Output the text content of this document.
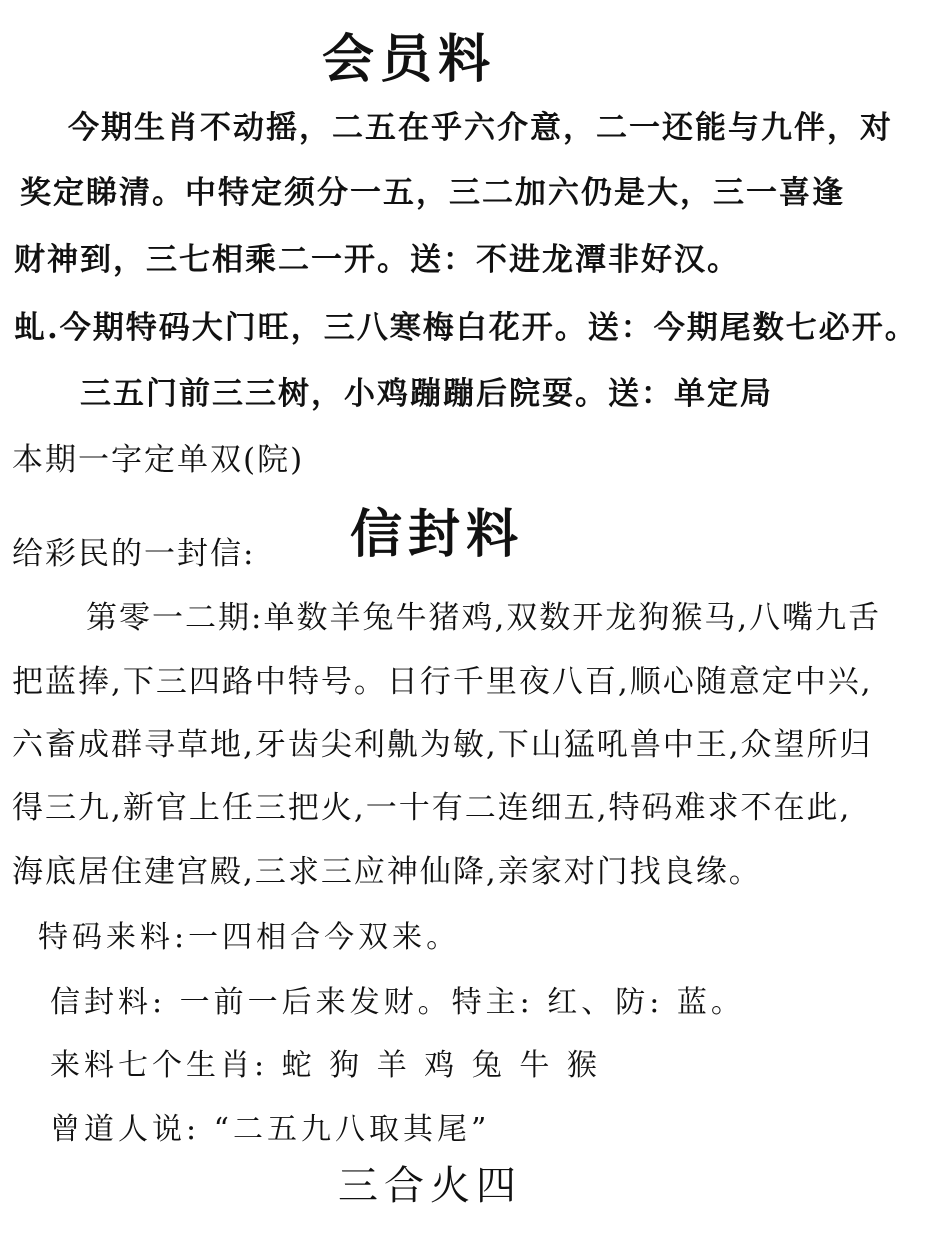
会员料
今期生肖不动摇，二五在乎六介意，二一还能与九伴，对
奖定睇清。中特定须分一五，三二加六仍是大，三一喜逢
财神到，三七相乘二一开。送：不进龙潭非好汉。
虬.今期特码大门旺，三八寒梅白花开。送：今期尾数七必开。
三五门前三三树，小鸡蹦蹦后院耍。送：单定局
本期一字定单双(院)
给彩民的一封信: 信封料
第零一二期:单数羊兔牛猪鸡,双数开龙狗猴马,八嘴九舌
把蓝捧,下三四路中特号。日行千里夜八百,顺心随意定中兴,
六畜成群寻草地,牙齿尖利鼽为敏,下山猛吼兽中王,众望所归
得三九,新官上任三把火,一十有二连细五,特码难求不在此,
海底居住建宫殿,三求三应神仙降,亲家对门找良缘。
特码来料:一四相合今双来。
信封料: 一前一后来发财。特主: 红、防: 蓝。
来料七个生肖: 蛇 狗 羊 鸡 兔 牛 猴
曾道人说: “二五九八取其尾”
三合火四
